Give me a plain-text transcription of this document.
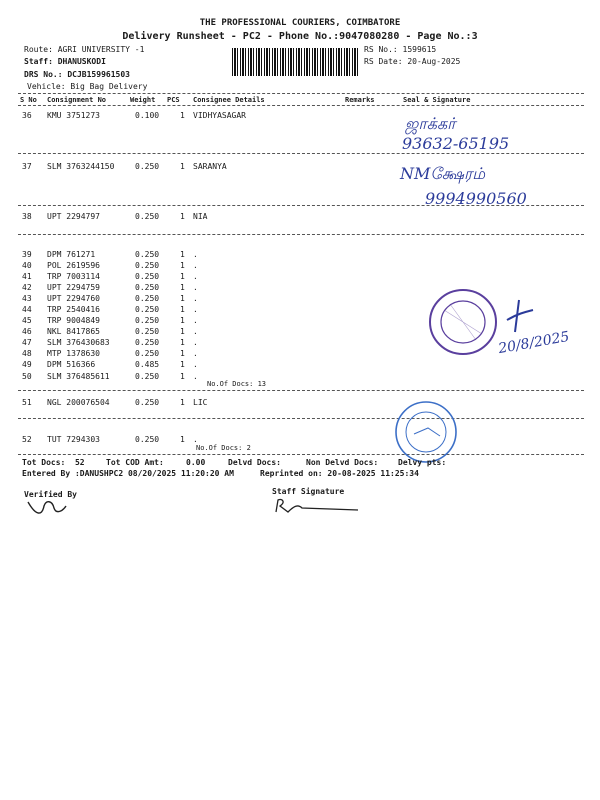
THE PROFESSIONAL COURIERS, COIMBATORE
Delivery Runsheet - PC2 - Phone No.:9047080280 - Page No.:3
Route: AGRI UNIVERSITY -1
Staff: DHANUSKODI
DRS No.: DCJB159961503
Vehicle: Big Bag Delivery
RS No.: 1599615
RS Date: 20-Aug-2025
S No Consignment No	Weight PCS Consignee Details	Remarks	Seal & Signature
36 KMU 3751273	0.100	1 VIDHYASAGAR
37 SLM 3763244150	0.250	1 SARANYA
38 UPT 2294797	0.250	1 NIA
39 DPM 761271	0.250	1 .
40 POL 2619596	0.250	1 .
41 TRP 7003114	0.250	1 .
42 UPT 2294759	0.250	1 .
43 UPT 2294760	0.250	1 .
44 TRP 2540416	0.250	1 .
45 TRP 9004849	0.250	1 .
46 NKL 8417865	0.250	1 .
47 SLM 376430683	0.250	1 .
48 MTP 1378630	0.250	1 .
49 DPM 516366	0.485	1 .
50 SLM 376485611	0.250	1 .
No.Of Docs: 13
51 NGL 200076504	0.250	1 LIC
52 TUT 7294303	0.250	1 .
No.Of Docs: 2
ஜாக்கர்
93632-65195
NMக்ஷேரம்
9994990560
20/8/2025
Tot Docs:  52	Tot COD Amt:	0.00	Delvd Docs:	Non Delvd Docs: Delvy pts:
Entered By :DANUSHPC2 08/20/2025 11:20:20 AM	Reprinted on: 20-08-2025 11:25:34
Verified By	Staff Signature
